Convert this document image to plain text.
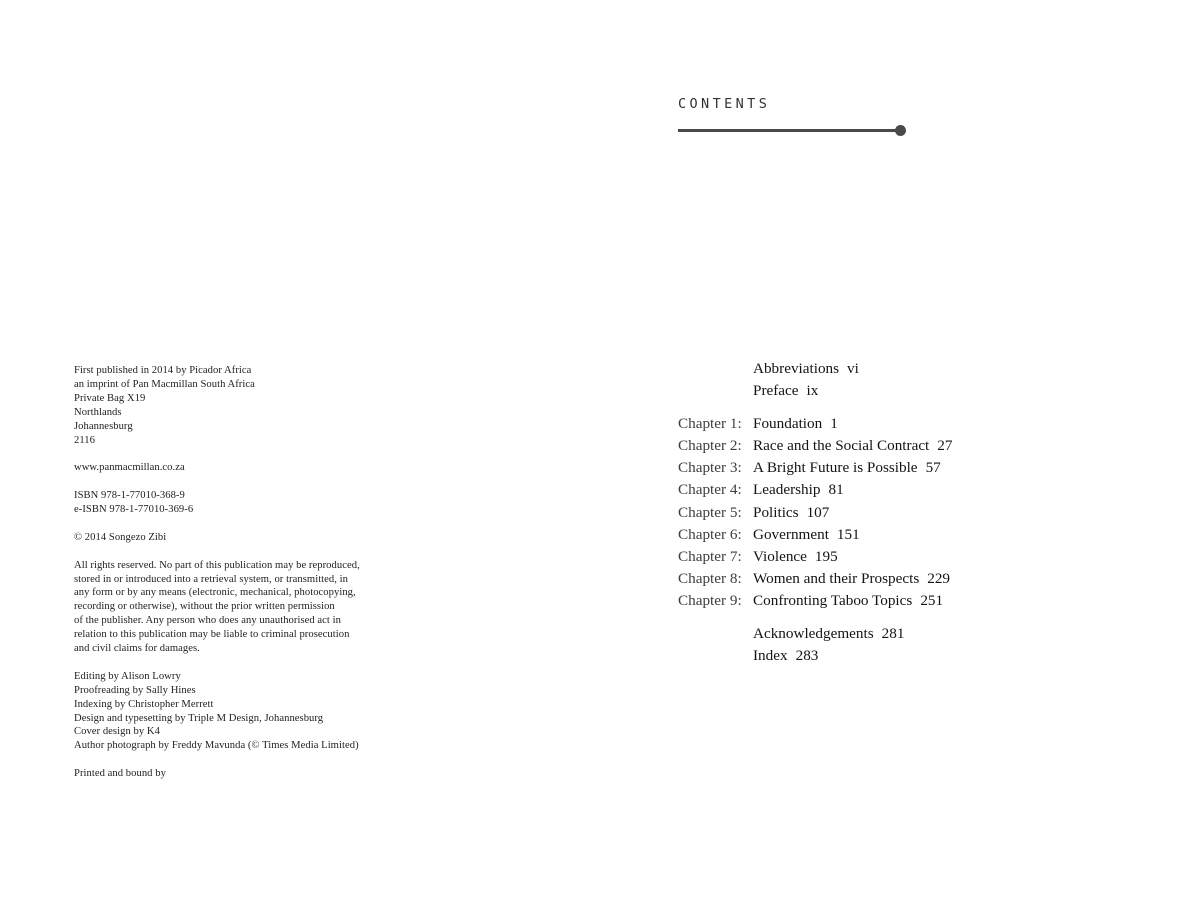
First published in 2014 by Picador Africa
an imprint of Pan Macmillan South Africa
Private Bag X19
Northlands
Johannesburg
2116
www.panmacmillan.co.za
ISBN 978-1-77010-368-9
e-ISBN 978-1-77010-369-6
© 2014 Songezo Zibi
All rights reserved. No part of this publication may be reproduced,
stored in or introduced into a retrieval system, or transmitted, in
any form or by any means (electronic, mechanical, photocopying,
recording or otherwise), without the prior written permission
of the publisher. Any person who does any unauthorised act in
relation to this publication may be liable to criminal prosecution
and civil claims for damages.
Editing by Alison Lowry
Proofreading by Sally Hines
Indexing by Christopher Merrett
Design and typesetting by Triple M Design, Johannesburg
Cover design by K4
Author photograph by Freddy Mavunda (© Times Media Limited)
Printed and bound by
CONTENTS
Abbreviations vi
Preface ix
Chapter 1: Foundation 1
Chapter 2: Race and the Social Contract 27
Chapter 3: A Bright Future is Possible 57
Chapter 4: Leadership 81
Chapter 5: Politics 107
Chapter 6: Government 151
Chapter 7: Violence 195
Chapter 8: Women and their Prospects 229
Chapter 9: Confronting Taboo Topics 251
Acknowledgements 281
Index 283
